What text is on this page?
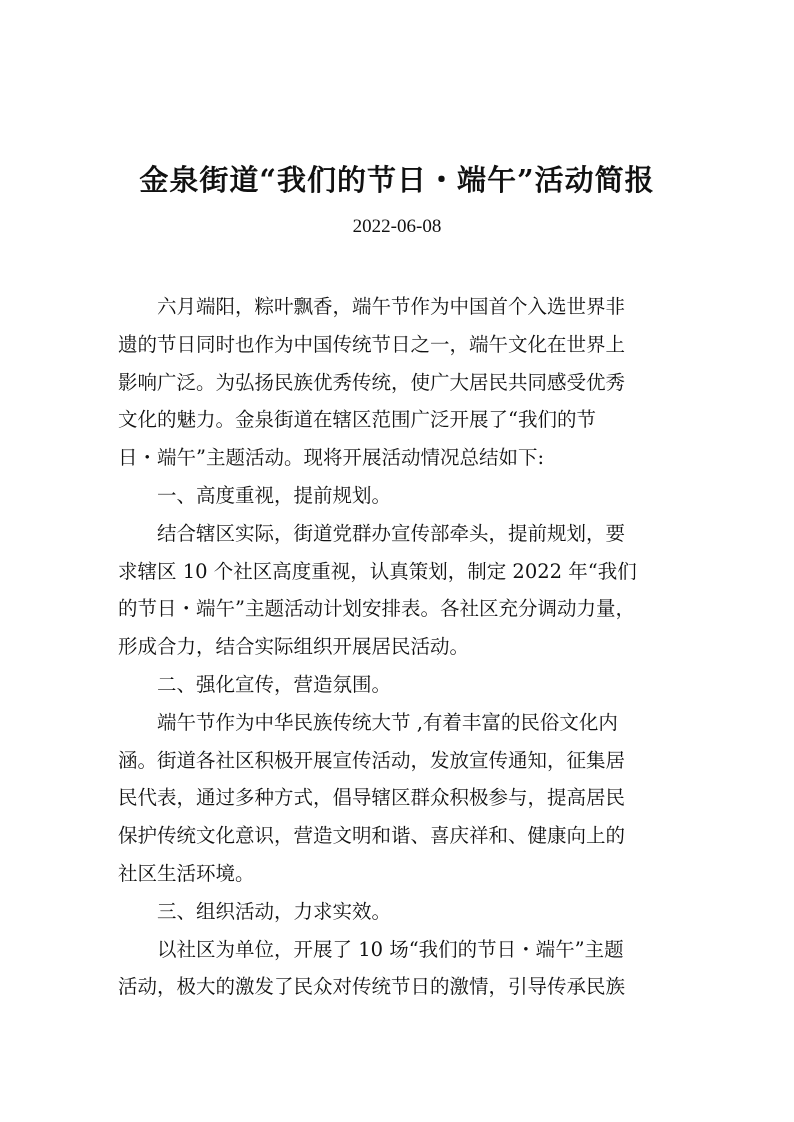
金泉街道“我们的节日・端午”活动简报
2022-06-08

六月端阳，粽叶飘香，端午节作为中国首个入选世界非
遗的节日同时也作为中国传统节日之一，端午文化在世界上
影响广泛。为弘扬民族优秀传统，使广大居民共同感受优秀
文化的魅力。金泉街道在辖区范围广泛开展了“我们的节
日・端午”主题活动。现将开展活动情况总结如下:

一、高度重视，提前规划。

结合辖区实际，街道党群办宣传部牵头，提前规划，要
求辖区 10 个社区高度重视，认真策划，制定 2022 年“我们
的节日・端午”主题活动计划安排表。各社区充分调动力量，
形成合力，结合实际组织开展居民活动。

二、强化宣传，营造氛围。

端午节作为中华民族传统大节 ,有着丰富的民俗文化内
涵。街道各社区积极开展宣传活动，发放宣传通知，征集居
民代表，通过多种方式，倡导辖区群众积极参与，提高居民
保护传统文化意识，营造文明和谐、喜庆祥和、健康向上的
社区生活环境。

三、组织活动，力求实效。

以社区为单位，开展了 10 场“我们的节日・端午”主题
活动，极大的激发了民众对传统节日的激情，引导传承民族
